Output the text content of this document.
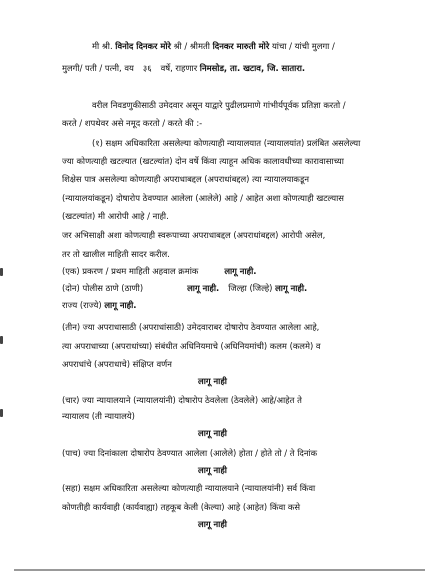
मी श्री. विनोद दिनकर मोरे श्री / श्रीमती दिनकर मारुती मोरे यांचा / यांची मुलगा /
मुलगी/ पती / पत्नी, वय ३६ वर्षे, राहणार निमसोड, ता. खटाव, जि. सातारा.
वरील निवडणुकीसाठी उमेदवार असून याद्वारे पुढीलप्रमाणे गांभीर्यपूर्वक प्रतिज्ञा करतो /
करते / शपथेवर असे नमूद करतो / करते की :-
(१) सक्षम अधिकारिता असलेल्या कोणत्याही न्यायालयात (न्यायालयांत) प्रलंबित असलेल्या
ज्या कोणत्याही खटल्यात (खटल्यांत) दोन वर्षे किंवा त्याहून अधिक कालावधीच्या कारावासाच्या
शिक्षेस पात्र असलेल्या कोणत्याही अपराधाबद्दल (अपराधांबद्दल) त्या न्यायालयाकडून
(न्यायालयांकडून) दोषारोप ठेवण्यात आलेला (आलेले) आहे / आहेत अशा कोणत्याही खटल्यास
(खटल्यांत) मी आरोपी आहे / नाही.
जर अभिसाक्षी अशा कोणत्याही स्वरूपाच्या अपराधाबद्दल (अपराधांबद्दल) आरोपी असेल,
तर तो खालील माहिती सादर करील.
(एक) प्रकरण / प्रथम माहिती अहवाल क्रमांक	लागू नाही.
(दोन) पोलीस ठाणे (ठाणी)	लागू नाही. जिल्हा (जिल्हे) लागू नाही.
राज्य (राज्ये) लागू नाही.
(तीन) ज्या अपराधासाठी (अपराधांसाठी) उमेदवाराबर दोषारोप ठेवण्यात आलेला आहे,
त्या अपराधाच्या (अपराधांच्या) संबंधीत अधिनियमाचे (अधिनियमांची) कलम (कलमे) व
अपराधांचे (अपराधाचे) संक्षिप्त वर्णन
लागू नाही
(चार) ज्या न्यायालयाने (न्यायालयांनी) दोषारोप ठेवलेला (ठेवलेले) आहे/आहेत ते
न्यायालय (ती न्यायालये)
लागू नाही
(पाच) ज्या दिनांकाला दोषारोप ठेवण्यात आलेला (आलेले) होता / होते तो / ते दिनांक
लागू नाही
(सहा) सक्षम अधिकारिता असलेल्या कोणत्याही न्यायालयाने (न्यायालयांनी) सर्व किंवा
कोणतीही कार्यवाही (कार्यवाह्या) तहकूब केली (केल्या) आहे (आहेत) किंवा कसे
लागू नाही
